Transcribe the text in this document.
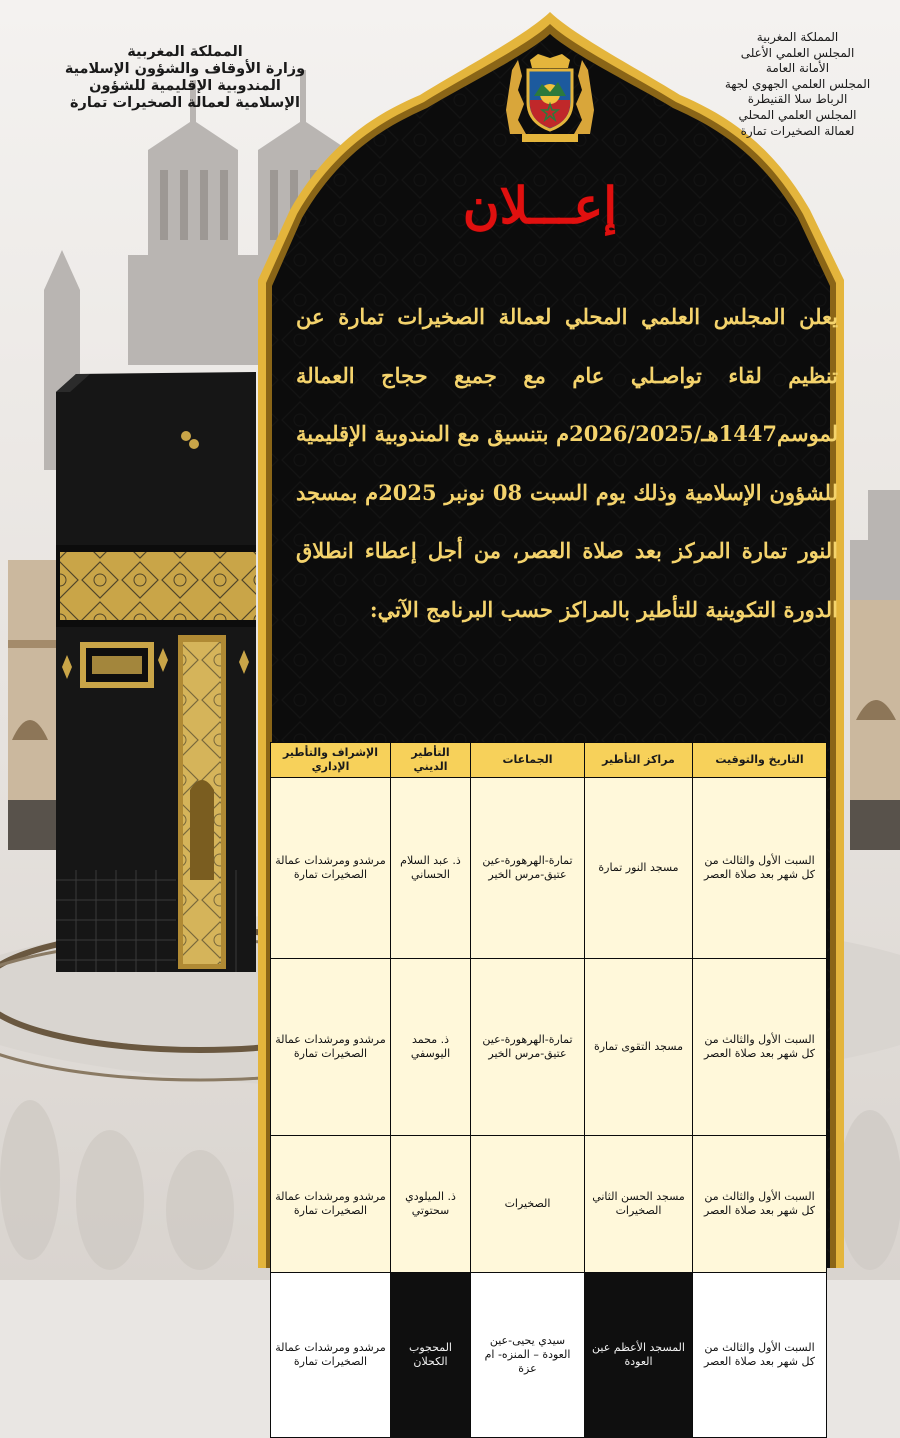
المملكة المغربية
وزارة الأوقاف والشؤون الإسلامية
المندوبية الإقليمية للشؤون
الإسلامية لعمالة الصخيرات تمارة
المملكة المغربية
المجلس العلمي الأعلى
الأمانة العامة
المجلس العلمي الجهوي لجهة
الرباط سلا القنيطرة
المجلس العلمي المحلي
لعمالة الصخيرات تمارة
إعـــلان
يعلن المجلس العلمي المحلي لعمالة الصخيرات تمارة عن تنظيم لقاء تواصـلي عام مع جميع حجاج العمالة لموسم1447هـ/2026/2025م بتنسيق مع المندوبية الإقليمية للشؤون الإسلامية وذلك يوم السبت 08 نونبر 2025م بمسجد النور تمارة المركز بعد صلاة العصر، من أجل إعطاء انطلاق الدورة التكوينية للتأطير بالمراكز حسب البرنامج الآتي:
التاريخ والتوقيت	مراكز التأطير	الجماعات	التأطير الديني	الإشراف والتأطير الإداري
السبت الأول والثالث من كل شهر بعد صلاة العصر	مسجد النور تمارة	تمارة-الهرهورة-عين عتيق-مرس الخير	ذ. عبد السلام الحساني	مرشدو ومرشدات عمالة الصخيرات تمارة
السبت الأول والثالث من كل شهر بعد صلاة العصر	مسجد التقوى تمارة	تمارة-الهرهورة-عين عتيق-مرس الخير	ذ. محمد اليوسفي	مرشدو ومرشدات عمالة الصخيرات تمارة
السبت الأول والثالث من كل شهر بعد صلاة العصر	مسجد الحسن الثاني الصخيرات	الصخيرات	ذ. الميلودي سحتوتي	مرشدو ومرشدات عمالة الصخيرات تمارة
السبت الأول والثالث من كل شهر بعد صلاة العصر	المسجد الأعظم عين العودة	سيدي يحيى-عين العودة – المنزه- ام عزة	المحجوب الكحلان	مرشدو ومرشدات عمالة الصخيرات تمارة
